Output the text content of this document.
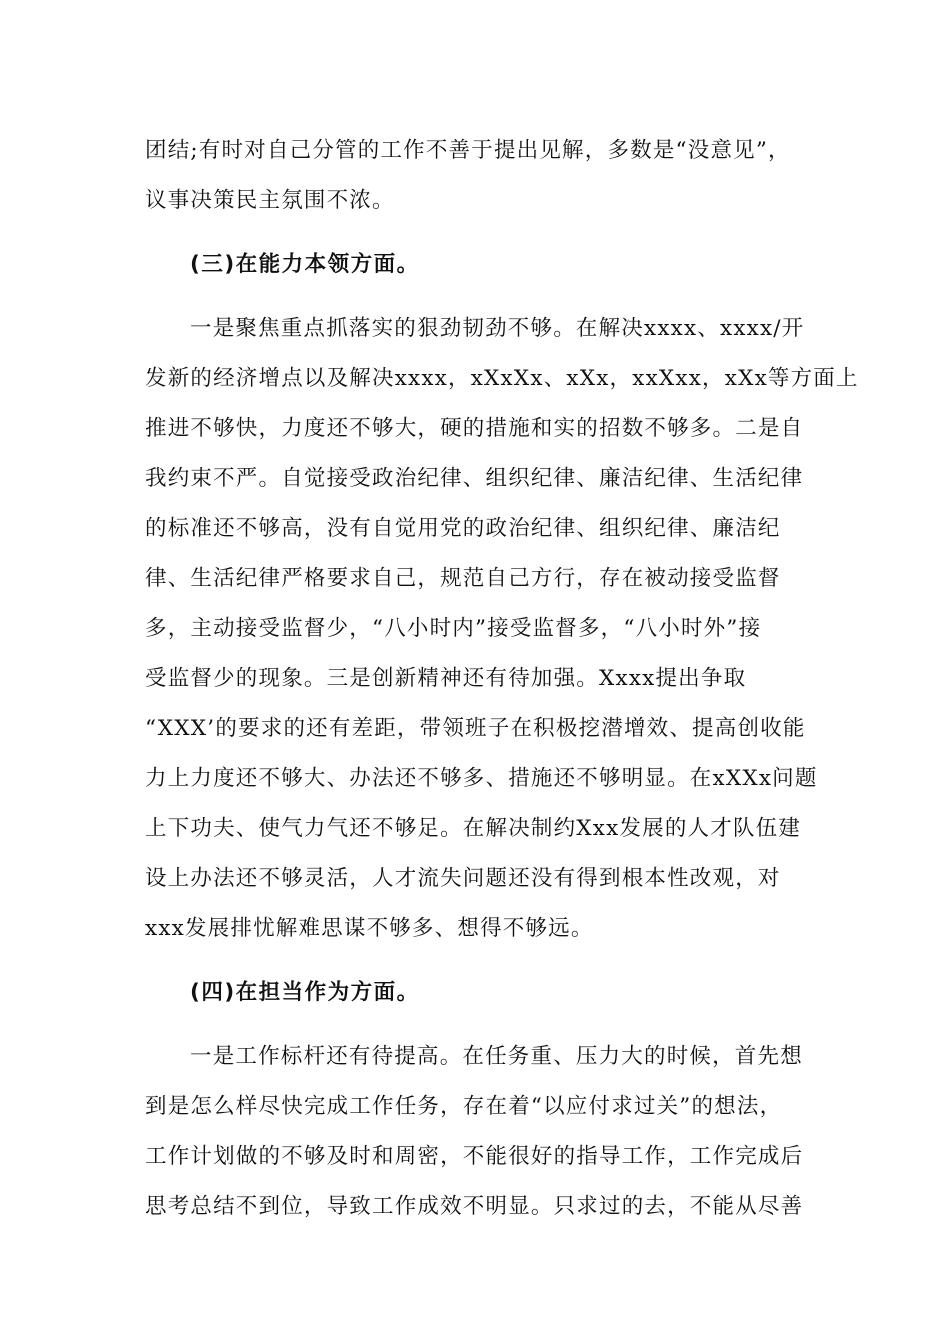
团结;有时对自己分管的工作不善于提出见解，多数是“没意见”，
议事决策民主氛围不浓。
(三)在能力本领方面。
一是聚焦重点抓落实的狠劲韧劲不够。在解决xxxx、xxxx/开
发新的经济增点以及解决xxxx，xXxXx、xXx，xxXxx，xXx等方面上
推进不够快，力度还不够大，硬的措施和实的招数不够多。二是自
我约束不严。自觉接受政治纪律、组织纪律、廉洁纪律、生活纪律
的标准还不够高，没有自觉用党的政治纪律、组织纪律、廉洁纪
律、生活纪律严格要求自己，规范自己方行，存在被动接受监督
多，主动接受监督少，“八小时内”接受监督多，“八小时外”接
受监督少的现象。三是创新精神还有待加强。Xxxx提出争取
“XXX’的要求的还有差距，带领班子在积极挖潜增效、提高创收能
力上力度还不够大、办法还不够多、措施还不够明显。在xXXx问题
上下功夫、使气力气还不够足。在解决制约Xxx发展的人才队伍建
设上办法还不够灵活，人才流失问题还没有得到根本性改观，对
xxx发展排忧解难思谋不够多、想得不够远。
(四)在担当作为方面。
一是工作标杆还有待提高。在任务重、压力大的时候，首先想
到是怎么样尽快完成工作任务，存在着“以应付求过关”的想法，
工作计划做的不够及时和周密，不能很好的指导工作，工作完成后
思考总结不到位，导致工作成效不明显。只求过的去，不能从尽善
